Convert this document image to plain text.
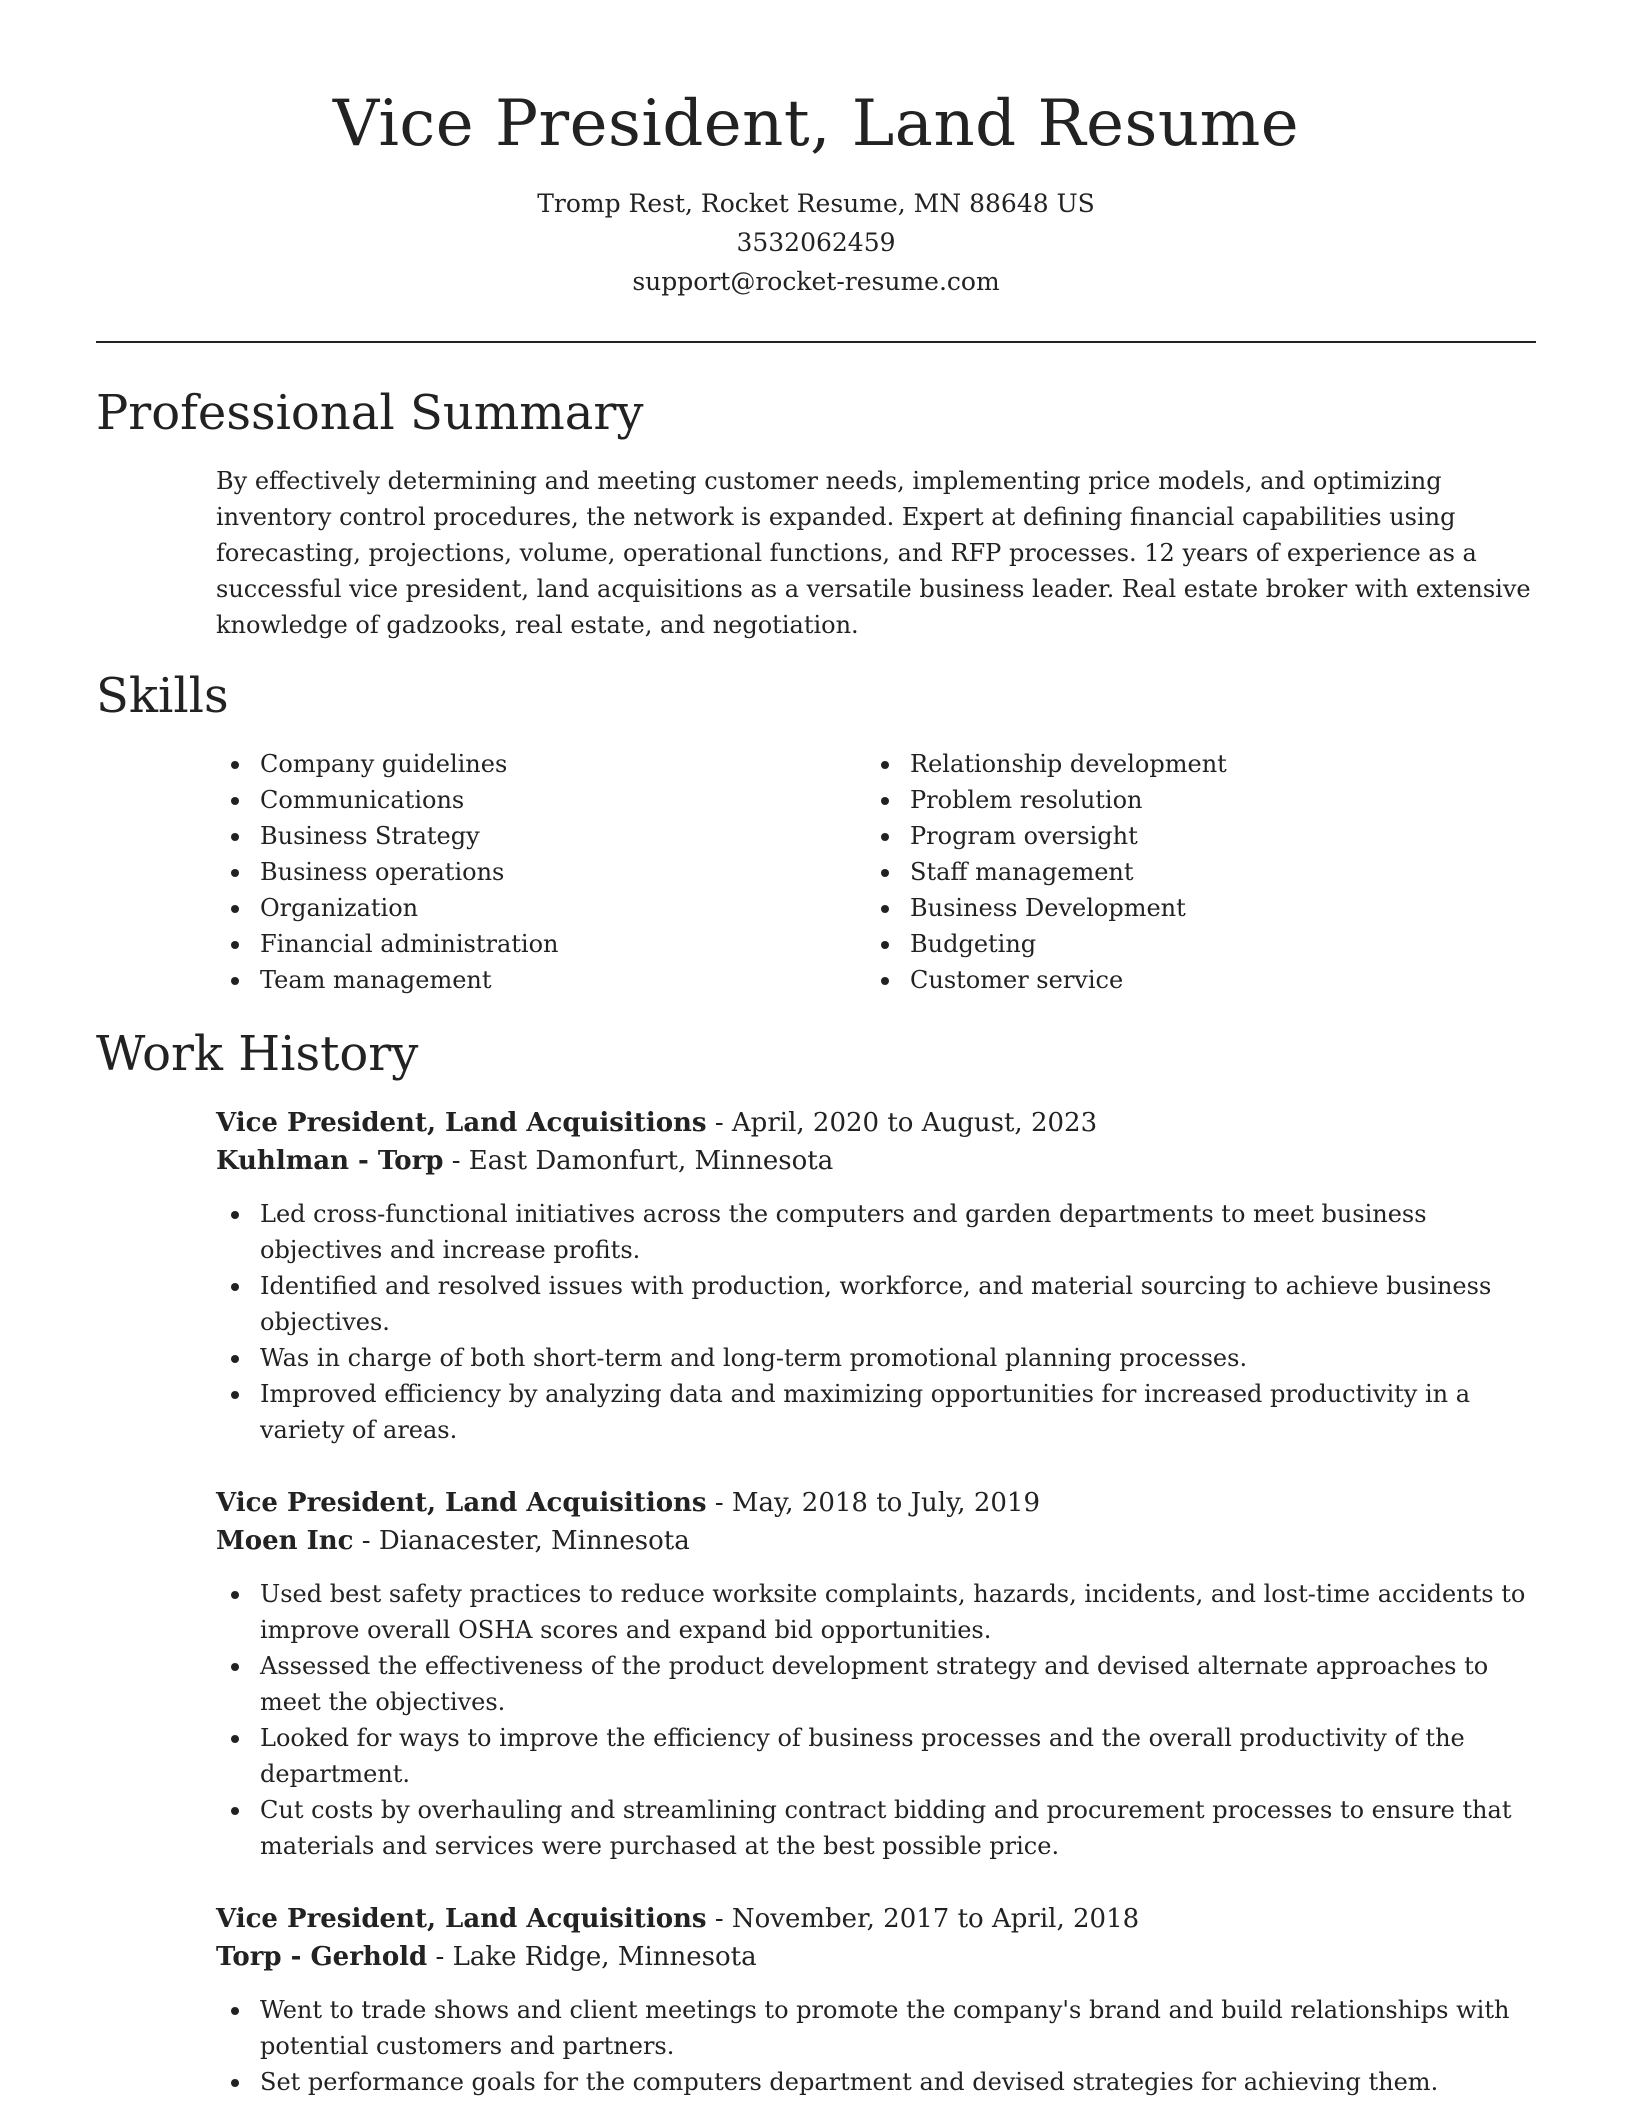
Vice President, Land Resume
Tromp Rest, Rocket Resume, MN 88648 US
3532062459
support@rocket-resume.com
Professional Summary

By effectively determining and meeting customer needs, implementing price models, and optimizing inventory control procedures, the network is expanded. Expert at defining financial capabilities using forecasting, projections, volume, operational functions, and RFP processes. 12 years of experience as a successful vice president, land acquisitions as a versatile business leader. Real estate broker with extensive knowledge of gadzooks, real estate, and negotiation.

Skills
Company guidelines
Communications
Business Strategy
Business operations
Organization
Financial administration
Team management
Relationship development
Problem resolution
Program oversight
Staff management
Business Development
Budgeting
Customer service
Work History
Vice President, Land Acquisitions - April, 2020 to August, 2023
Kuhlman - Torp - East Damonfurt, Minnesota
Led cross-functional initiatives across the computers and garden departments to meet business objectives and increase profits.
Identified and resolved issues with production, workforce, and material sourcing to achieve business objectives.
Was in charge of both short-term and long-term promotional planning processes.
Improved efficiency by analyzing data and maximizing opportunities for increased productivity in a variety of areas.
Vice President, Land Acquisitions - May, 2018 to July, 2019
Moen Inc - Dianacester, Minnesota
Used best safety practices to reduce worksite complaints, hazards, incidents, and lost-time accidents to improve overall OSHA scores and expand bid opportunities.
Assessed the effectiveness of the product development strategy and devised alternate approaches to meet the objectives.
Looked for ways to improve the efficiency of business processes and the overall productivity of the department.
Cut costs by overhauling and streamlining contract bidding and procurement processes to ensure that materials and services were purchased at the best possible price.
Vice President, Land Acquisitions - November, 2017 to April, 2018
Torp - Gerhold - Lake Ridge, Minnesota
Went to trade shows and client meetings to promote the company's brand and build relationships with potential customers and partners.
Set performance goals for the computers department and devised strategies for achieving them.
